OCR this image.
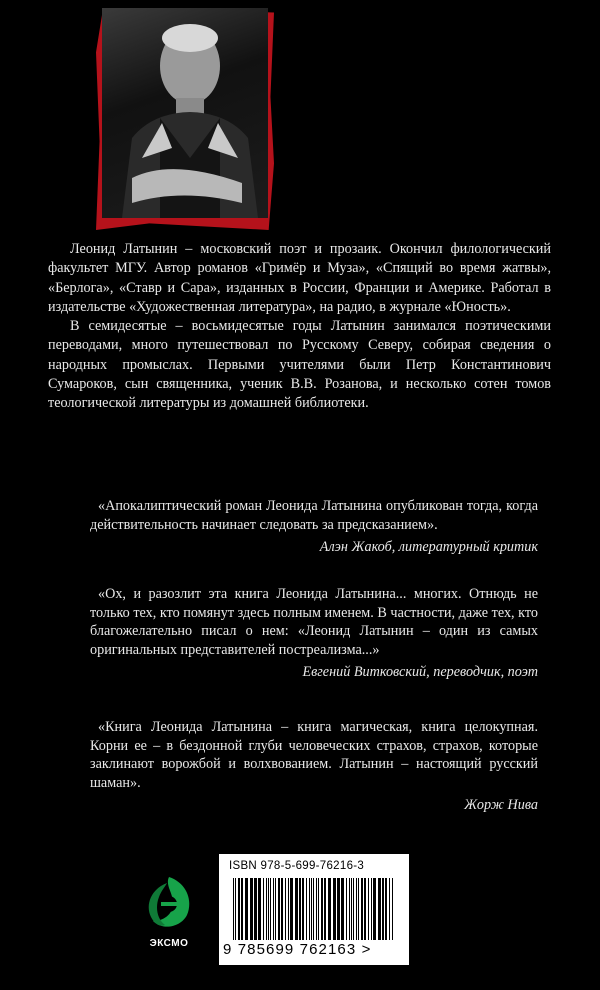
Леонид Латынин – московский поэт и прозаик. Окончил филологический факультет МГУ. Автор романов «Гримёр и Муза», «Спящий во время жатвы», «Берлога», «Ставр и Сара», изданных в России, Франции и Америке. Работал в издательстве «Художественная литература», на радио, в журнале «Юность».

В семидесятые – восьмидесятые годы Латынин занимался поэтическими переводами, много путешествовал по Русскому Северу, собирая сведения о народных промыслах. Первыми учителями были Петр Константинович Сумароков, сын священника, ученик В.В. Розанова, и несколько сотен томов теологической литературы из домашней библиотеки.

«Апокалиптический роман Леонида Латынина опубликован тогда, когда действительность начинает следовать за предсказанием».

Алэн Жакоб, литературный критик

«Ох, и разозлит эта книга Леонида Латынина... многих. Отнюдь не только тех, кто помянут здесь полным именем. В частности, даже тех, кто благожелательно писал о нем: «Леонид Латынин – один из самых оригинальных представителей постреализма...»

Евгений Витковский, переводчик, поэт

«Книга Леонида Латынина – книга магическая, книга целокупная. Корни ее – в бездонной глуби человеческих страхов, страхов, которые заклинают ворожбой и волхвованием. Латынин – настоящий русский шаман».

Жорж Нива

ЭКСМО
ISBN 978-5-699-76216-3
9 785699 762163 >
